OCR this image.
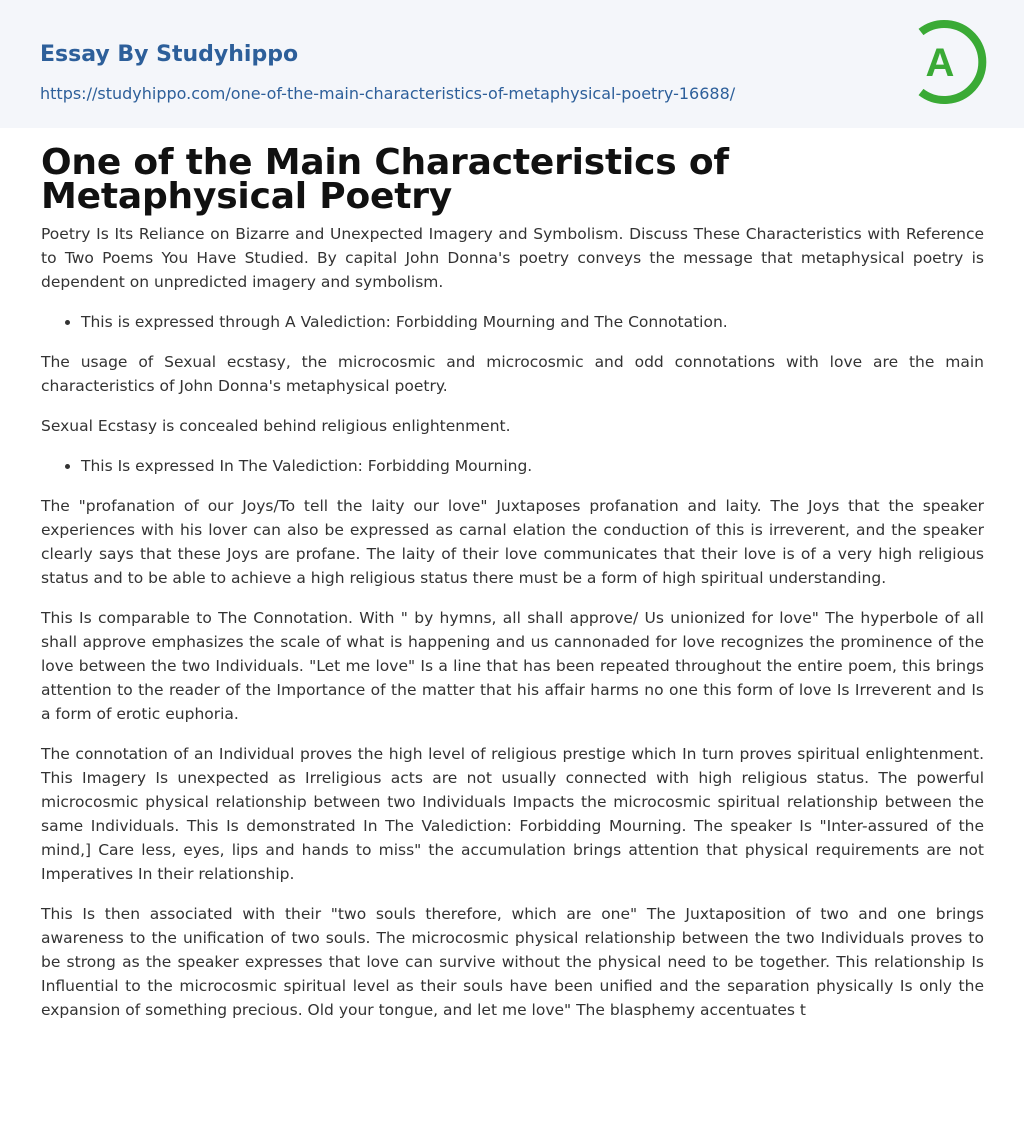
Essay By Studyhippo
https://studyhippo.com/one-of-the-main-characteristics-of-metaphysical-poetry-16688/
A
One of the Main Characteristics of Metaphysical Poetry

Poetry Is Its Reliance on Bizarre and Unexpected Imagery and Symbolism. Discuss These Characteristics with Reference to Two Poems You Have Studied. By capital John Donna's poetry conveys the message that metaphysical poetry is dependent on unpredicted imagery and symbolism.

• This is expressed through A Valediction: Forbidding Mourning and The Connotation.

The usage of Sexual ecstasy, the microcosmic and microcosmic and odd connotations with love are the main characteristics of John Donna's metaphysical poetry.

Sexual Ecstasy is concealed behind religious enlightenment.

• This Is expressed In The Valediction: Forbidding Mourning.

The "profanation of our Joys/To tell the laity our love" Juxtaposes profanation and laity. The Joys that the speaker experiences with his lover can also be expressed as carnal elation the conduction of this is irreverent, and the speaker clearly says that these Joys are profane. The laity of their love communicates that their love is of a very high religious status and to be able to achieve a high religious status there must be a form of high spiritual understanding.

This Is comparable to The Connotation. With " by hymns, all shall approve/ Us unionized for love" The hyperbole of all shall approve emphasizes the scale of what is happening and us cannonaded for love recognizes the prominence of the love between the two Individuals. "Let me love" Is a line that has been repeated throughout the entire poem, this brings attention to the reader of the Importance of the matter that his affair harms no one this form of love Is Irreverent and Is a form of erotic euphoria.

The connotation of an Individual proves the high level of religious prestige which In turn proves spiritual enlightenment. This Imagery Is unexpected as Irreligious acts are not usually connected with high religious status. The powerful microcosmic physical relationship between two Individuals Impacts the microcosmic spiritual relationship between the same Individuals. This Is demonstrated In The Valediction: Forbidding Mourning. The speaker Is "Inter-assured of the mind,] Care less, eyes, lips and hands to miss" the accumulation brings attention that physical requirements are not Imperatives In their relationship.

This Is then associated with their "two souls therefore, which are one" The Juxtaposition of two and one brings awareness to the unification of two souls. The microcosmic physical relationship between the two Individuals proves to be strong as the speaker expresses that love can survive without the physical need to be together. This relationship Is Influential to the microcosmic spiritual level as their souls have been unified and the separation physically Is only the expansion of something precious. Old your tongue, and let me love" The blasphemy accentuates t
